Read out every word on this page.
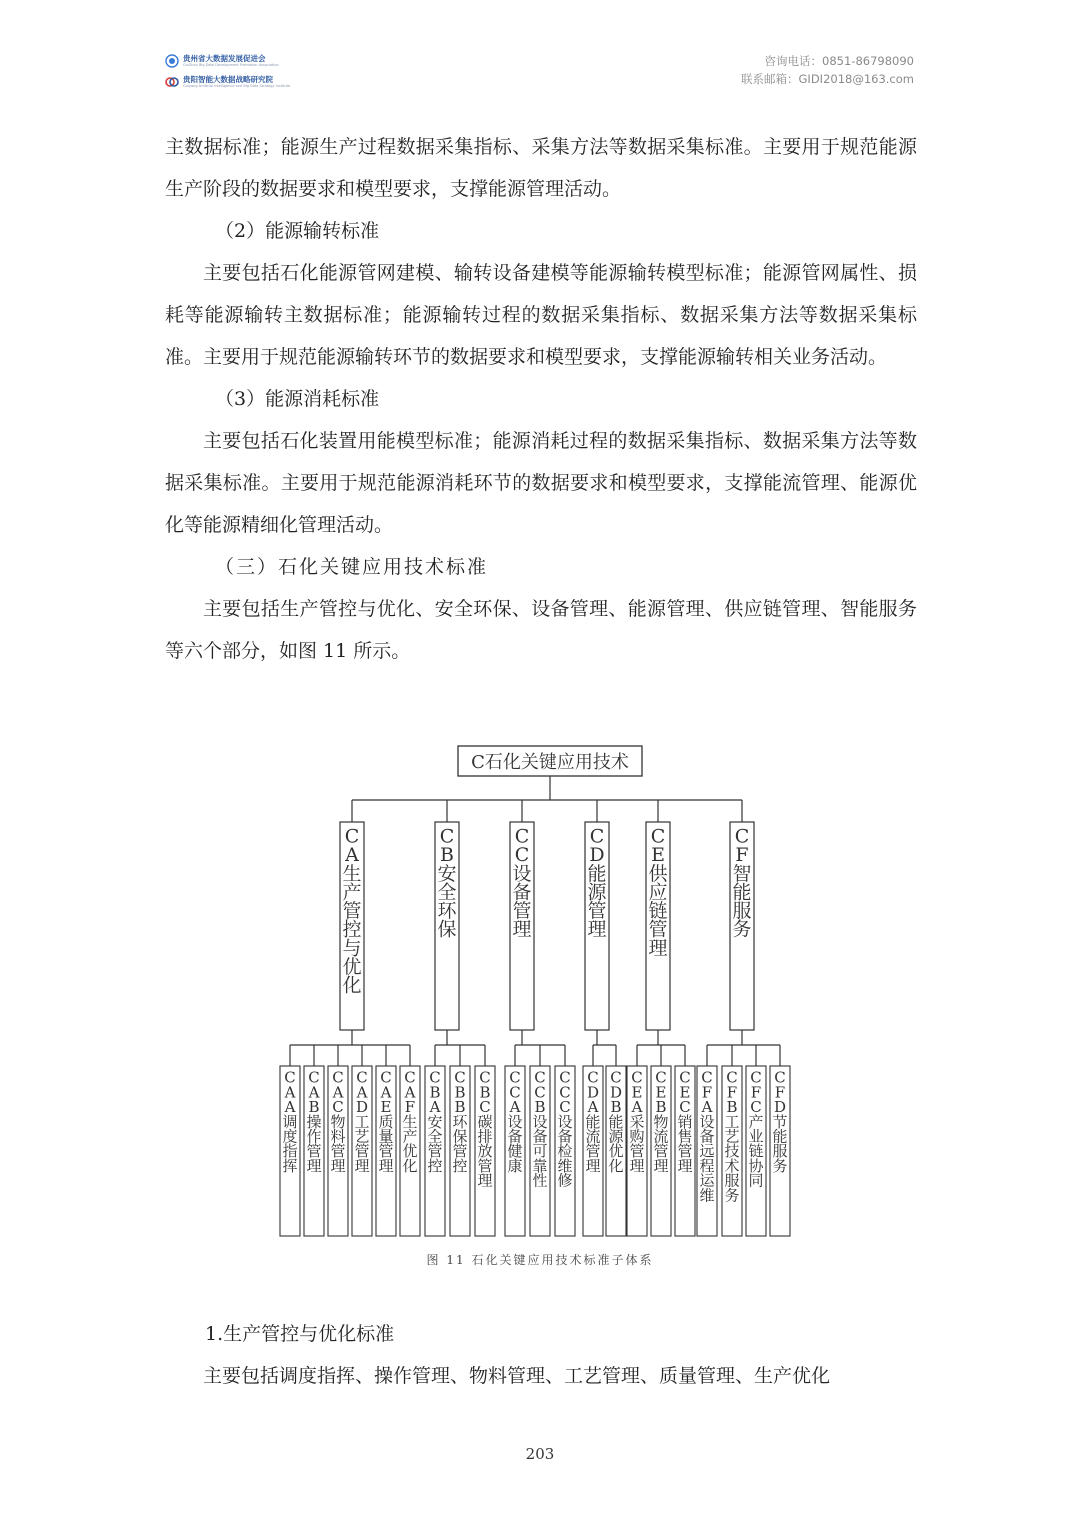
贵州省大数据发展促进会
GuiZhou Big Data Development Promotion Association
贵阳智能大数据战略研究院
Guiyang Artificial Intelligence and Big Data Strategy Institute
咨询电话：0851-86798090
联系邮箱：GIDI2018@163.com

主数据标准；能源生产过程数据采集指标、采集方法等数据采集标准。主要用于规范能源生产阶段的数据要求和模型要求，支撑能源管理活动。

（2）能源输转标准

主要包括石化能源管网建模、输转设备建模等能源输转模型标准；能源管网属性、损耗等能源输转主数据标准；能源输转过程的数据采集指标、数据采集方法等数据采集标准。主要用于规范能源输转环节的数据要求和模型要求，支撑能源输转相关业务活动。

（3）能源消耗标准

主要包括石化装置用能模型标准；能源消耗过程的数据采集指标、数据采集方法等数据采集标准。主要用于规范能源消耗环节的数据要求和模型要求，支撑能流管理、能源优化等能源精细化管理活动。

（三）石化关键应用技术标准

主要包括生产管控与优化、安全环保、设备管理、能源管理、供应链管理、智能服务等六个部分，如图 11 所示。

C石化关键应用技术
C A 生产管控与优化
C A A 调度指挥
C A B 操作管理
C A C 物料管理
C A D 工艺管理
C A E 质量管理
C A F 生产优化
C B 安全环保
C B A 安全管控
C B B 环保管控
C B C 碳排放管理
C C 设备管理
C C A 设备健康
C C B 设备可靠性
C C C 设备检维修
C D 能源管理
C D A 能流管理
C D B 能源优化
C E 供应链管理
C E A 采购管理
C E B 物流管理
C E C 销售管理
C F 智能服务
C F A 设备远程运维
C F B 工艺技术服务
C F C 产业链协同
C F D 节能服务
图 11 石化关键应用技术标准子体系

1.生产管控与优化标准

主要包括调度指挥、操作管理、物料管理、工艺管理、质量管理、生产优化

203
